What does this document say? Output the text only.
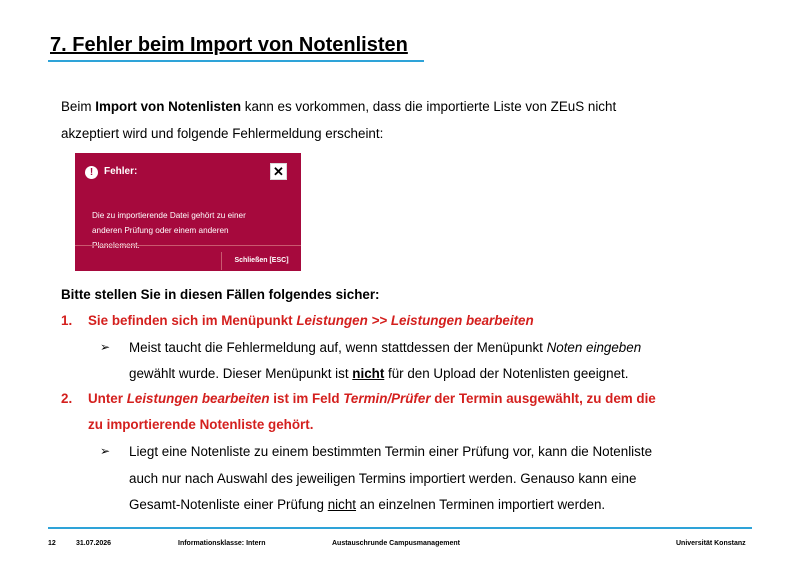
7. Fehler beim Import von Notenlisten
Beim Import von Notenlisten kann es vorkommen, dass die importierte Liste von ZEuS nicht
akzeptiert wird und folgende Fehlermeldung erscheint:
!	Fehler:	✕
Die zu importierende Datei gehört zu einer anderen Prüfung oder einem anderen
Schließen [ESC]
Bitte stellen Sie in diesen Fällen folgendes sicher:
1. Sie befinden sich im Menüpunkt Leistungen >> Leistungen bearbeiten
➢ Meist taucht die Fehlermeldung auf, wenn stattdessen der Menüpunkt Noten eingeben
gewählt wurde. Dieser Menüpunkt ist nicht für den Upload der Notenlisten geeignet.
2. Unter Leistungen bearbeiten ist im Feld Termin/Prüfer der Termin ausgewählt, zu dem die
zu importierende Notenliste gehört.
➢ Liegt eine Notenliste zu einem bestimmten Termin einer Prüfung vor, kann die Notenliste
auch nur nach Auswahl des jeweiligen Termins importiert werden. Genauso kann eine
Gesamt-Notenliste einer Prüfung nicht an einzelnen Terminen importiert werden.
12	31.07.2026	Informationsklasse: Intern	Austauschrunde Campusmanagement	Universität Konstanz
